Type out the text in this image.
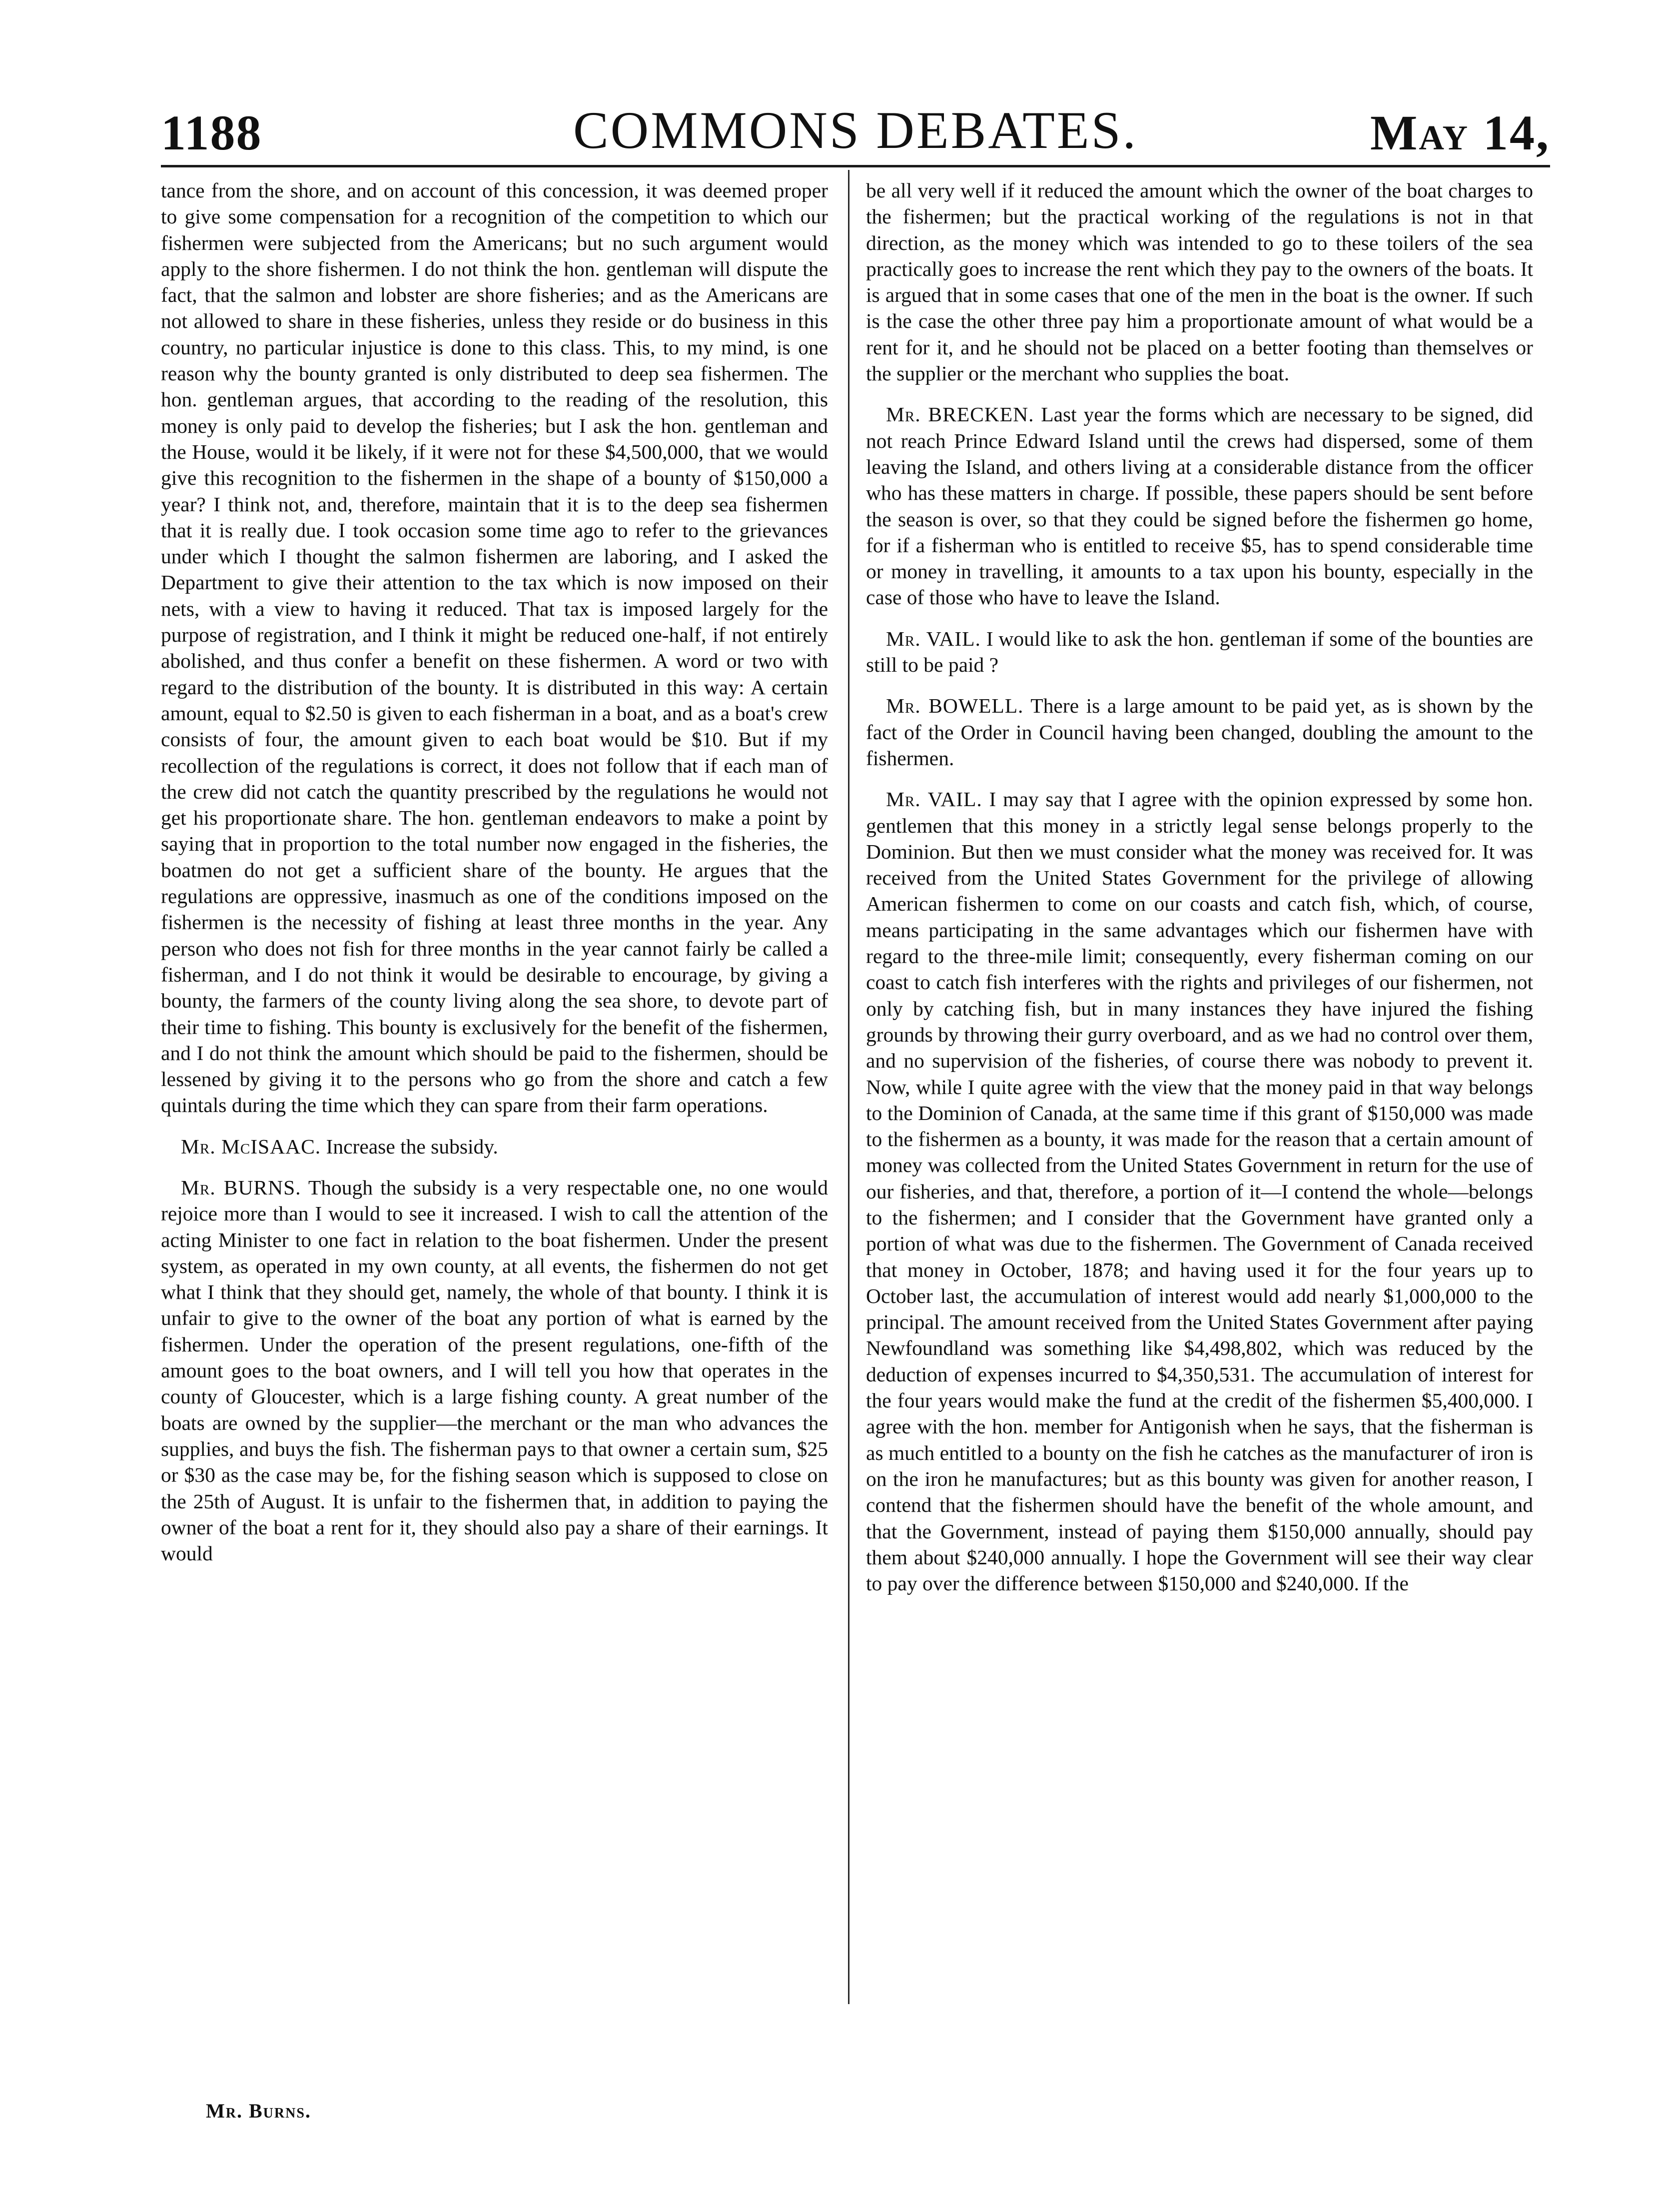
1188	COMMONS DEBATES.	May 14,

tance from the shore, and on account of this concession, it was deemed proper to give some compensation for a recognition of the competition to which our fishermen were subjected from the Americans; but no such argument would apply to the shore fishermen. I do not think the hon. gentleman will dispute the fact, that the salmon and lobster are shore fisheries; and as the Americans are not allowed to share in these fisheries, unless they reside or do business in this country, no particular injustice is done to this class. This, to my mind, is one reason why the bounty granted is only distributed to deep sea fishermen. The hon. gentleman argues, that according to the reading of the resolution, this money is only paid to develop the fisheries; but I ask the hon. gentleman and the House, would it be likely, if it were not for these $4,500,000, that we would give this recognition to the fishermen in the shape of a bounty of $150,000 a year? I think not, and, therefore, maintain that it is to the deep sea fishermen that it is really due. I took occasion some time ago to refer to the grievances under which I thought the salmon fishermen are laboring, and I asked the Department to give their attention to the tax which is now imposed on their nets, with a view to having it reduced. That tax is imposed largely for the purpose of registration, and I think it might be reduced one-half, if not entirely abolished, and thus confer a benefit on these fishermen. A word or two with regard to the distribution of the bounty. It is distributed in this way: A certain amount, equal to $2.50 is given to each fisherman in a boat, and as a boat's crew consists of four, the amount given to each boat would be $10. But if my recollection of the regulations is correct, it does not follow that if each man of the crew did not catch the quantity prescribed by the regulations he would not get his proportionate share. The hon. gentleman endeavors to make a point by saying that in proportion to the total number now engaged in the fisheries, the boatmen do not get a sufficient share of the bounty. He argues that the regulations are oppressive, inasmuch as one of the conditions imposed on the fishermen is the necessity of fishing at least three months in the year. Any person who does not fish for three months in the year cannot fairly be called a fisherman, and I do not think it would be desirable to encourage, by giving a bounty, the farmers of the county living along the sea shore, to devote part of their time to fishing. This bounty is exclusively for the benefit of the fishermen, and I do not think the amount which should be paid to the fishermen, should be lessened by giving it to the persons who go from the shore and catch a few quintals during the time which they can spare from their farm operations.

Mr. McISAAC. Increase the subsidy.

Mr. BURNS. Though the subsidy is a very respectable one, no one would rejoice more than I would to see it increased. I wish to call the attention of the acting Minister to one fact in relation to the boat fishermen. Under the present system, as operated in my own county, at all events, the fishermen do not get what I think that they should get, namely, the whole of that bounty. I think it is unfair to give to the owner of the boat any portion of what is earned by the fishermen. Under the operation of the present regulations, one-fifth of the amount goes to the boat owners, and I will tell you how that operates in the county of Gloucester, which is a large fishing county. A great number of the boats are owned by the supplier—the merchant or the man who advances the supplies, and buys the fish. The fisherman pays to that owner a certain sum, $25 or $30 as the case may be, for the fishing season which is supposed to close on the 25th of August. It is unfair to the fishermen that, in addition to paying the owner of the boat a rent for it, they should also pay a share of their earnings. It would

be all very well if it reduced the amount which the owner of the boat charges to the fishermen; but the practical working of the regulations is not in that direction, as the money which was intended to go to these toilers of the sea practically goes to increase the rent which they pay to the owners of the boats. It is argued that in some cases that one of the men in the boat is the owner. If such is the case the other three pay him a proportionate amount of what would be a rent for it, and he should not be placed on a better footing than themselves or the supplier or the merchant who supplies the boat.

Mr. BRECKEN. Last year the forms which are necessary to be signed, did not reach Prince Edward Island until the crews had dispersed, some of them leaving the Island, and others living at a considerable distance from the officer who has these matters in charge. If possible, these papers should be sent before the season is over, so that they could be signed before the fishermen go home, for if a fisherman who is entitled to receive $5, has to spend considerable time or money in travelling, it amounts to a tax upon his bounty, especially in the case of those who have to leave the Island.

Mr. VAIL. I would like to ask the hon. gentleman if some of the bounties are still to be paid ?

Mr. BOWELL. There is a large amount to be paid yet, as is shown by the fact of the Order in Council having been changed, doubling the amount to the fishermen.

Mr. VAIL. I may say that I agree with the opinion expressed by some hon. gentlemen that this money in a strictly legal sense belongs properly to the Dominion. But then we must consider what the money was received for. It was received from the United States Government for the privilege of allowing American fishermen to come on our coasts and catch fish, which, of course, means participating in the same advantages which our fishermen have with regard to the three-mile limit; consequently, every fisherman coming on our coast to catch fish interferes with the rights and privileges of our fishermen, not only by catching fish, but in many instances they have injured the fishing grounds by throwing their gurry overboard, and as we had no control over them, and no supervision of the fisheries, of course there was nobody to prevent it. Now, while I quite agree with the view that the money paid in that way belongs to the Dominion of Canada, at the same time if this grant of $150,000 was made to the fishermen as a bounty, it was made for the reason that a certain amount of money was collected from the United States Government in return for the use of our fisheries, and that, therefore, a portion of it—I contend the whole—belongs to the fishermen; and I consider that the Government have granted only a portion of what was due to the fishermen. The Government of Canada received that money in October, 1878; and having used it for the four years up to October last, the accumulation of interest would add nearly $1,000,000 to the principal. The amount received from the United States Government after paying Newfoundland was something like $4,498,802, which was reduced by the deduction of expenses incurred to $4,350,531. The accumulation of interest for the four years would make the fund at the credit of the fishermen $5,400,000. I agree with the hon. member for Antigonish when he says, that the fisherman is as much entitled to a bounty on the fish he catches as the manufacturer of iron is on the iron he manufactures; but as this bounty was given for another reason, I contend that the fishermen should have the benefit of the whole amount, and that the Government, instead of paying them $150,000 annually, should pay them about $240,000 annually. I hope the Government will see their way clear to pay over the difference between $150,000 and $240,000. If the

Mr. Burns.
